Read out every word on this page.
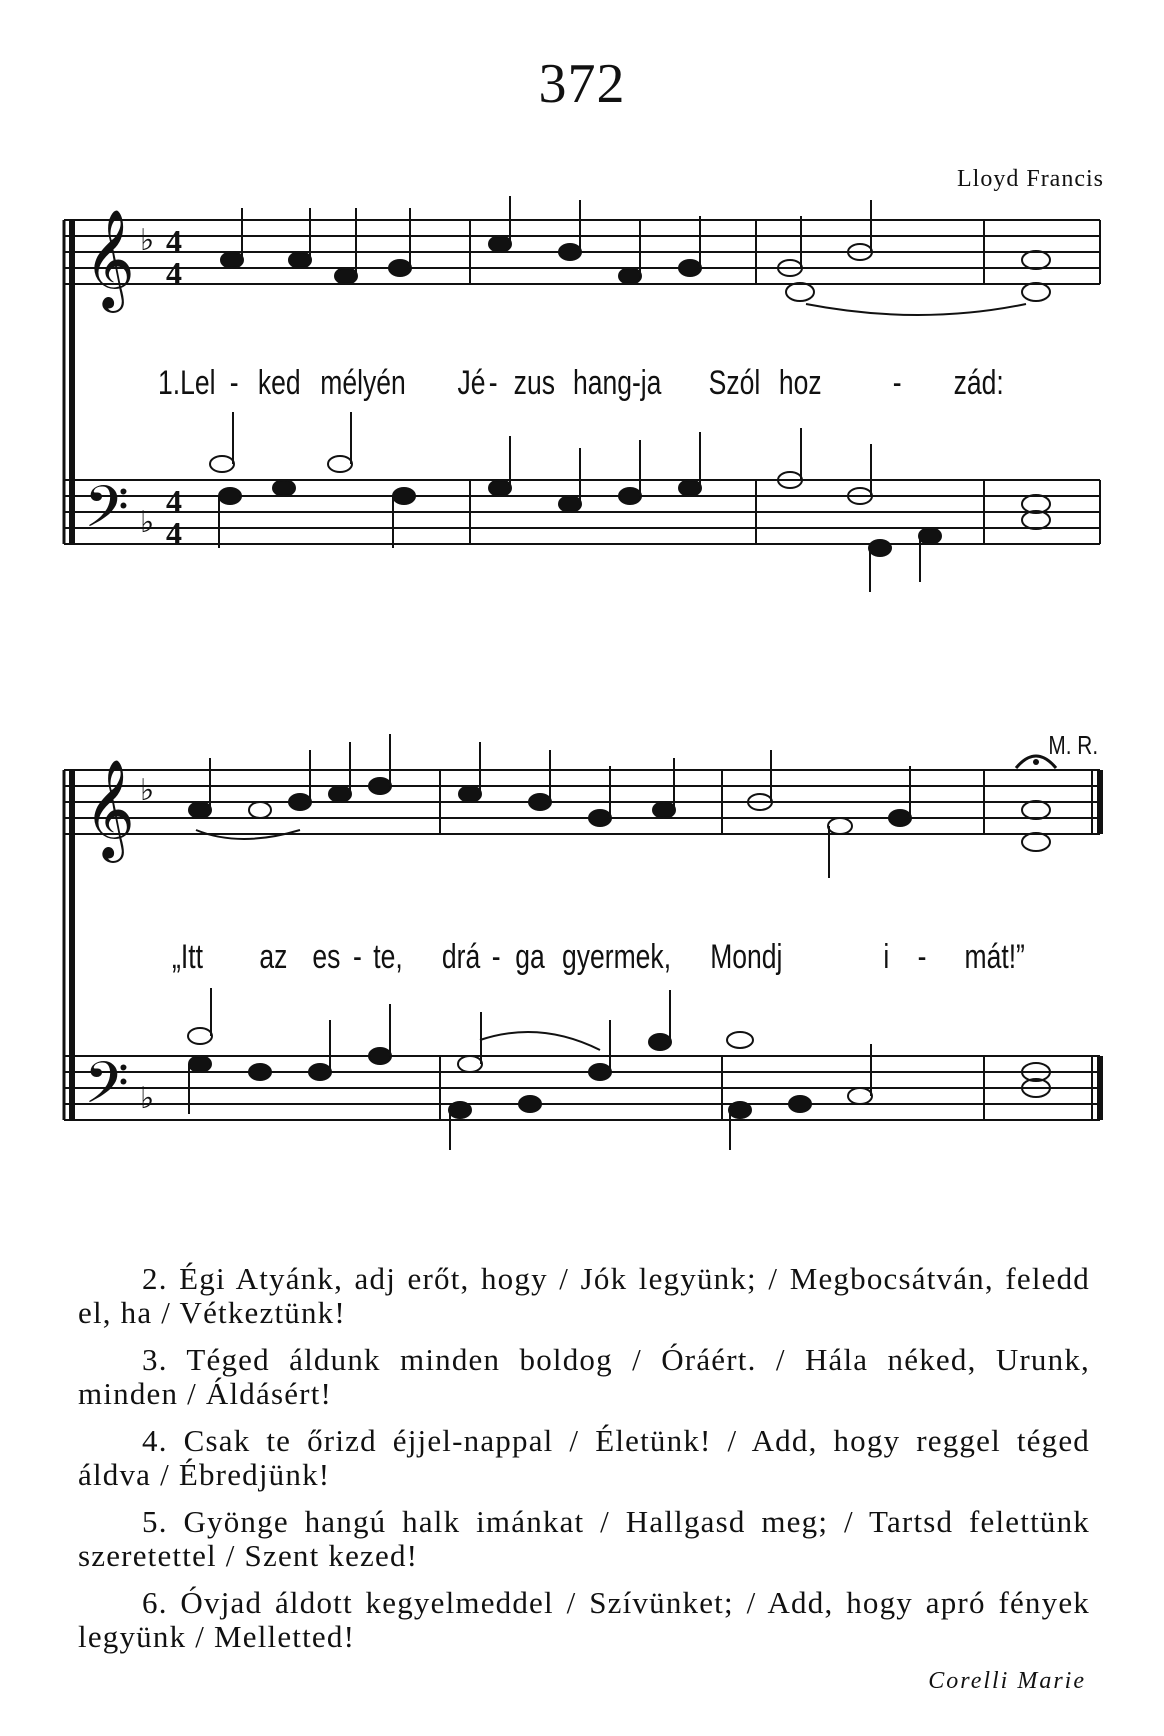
372
Lloyd Francis
𝄞
𝄢
♭
♭
4
4
4
4
1.Lel - ked mélyén Jé - zus hang-ja Szól hoz - zád:
M. R.
𝄞
𝄢
♭
♭
„Itt az es - te, drá - ga gyermek, Mondj	i - mát!”

2. Égi Atyánk, adj erőt, hogy / Jók legyünk; / Megbocsátván, feledd el, ha / Vétkeztünk!

3. Téged áldunk minden boldog / Óráért. / Hála néked, Urunk, minden / Áldásért!

4. Csak te őrizd éjjel-nappal / Életünk! / Add, hogy reggel téged áldva / Ébredjünk!

5. Gyönge hangú halk imánkat / Hallgasd meg; / Tartsd felettünk szeretettel / Szent kezed!

6. Óvjad áldott kegyelmeddel / Szívünket; / Add, hogy apró fények legyünk / Melletted!

Corelli Marie
